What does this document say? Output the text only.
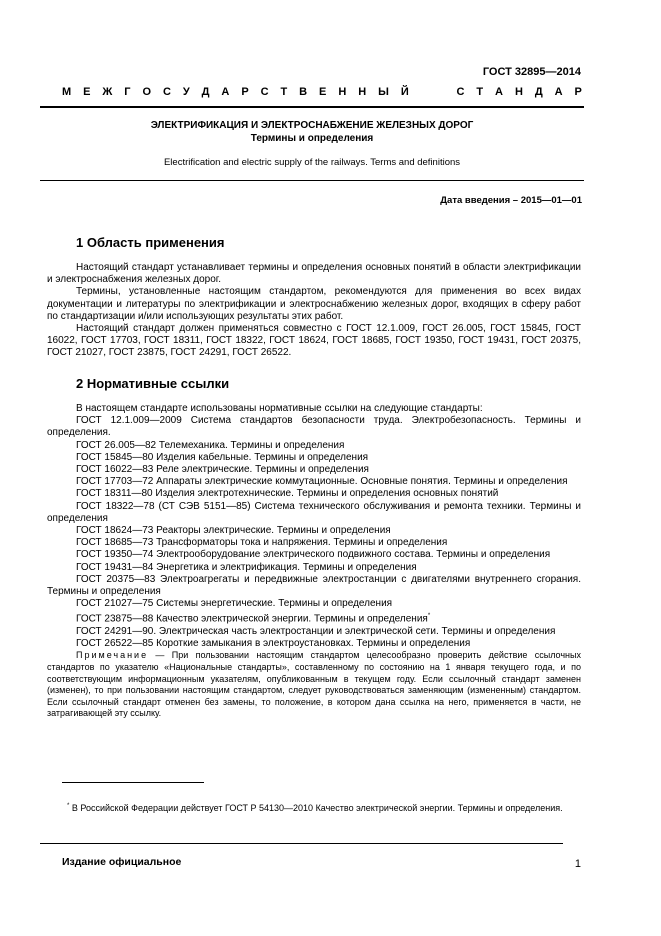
ГОСТ 32895—2014
М Е Ж Г О С У Д А Р С Т В Е Н Н Ы Й	С Т А Н Д А Р
ЭЛЕКТРИФИКАЦИЯ И ЭЛЕКТРОСНАБЖЕНИЕ ЖЕЛЕЗНЫХ ДОРОГ
Термины и определения
Electrification and electric supply of the railways. Terms and definitions
Дата введения – 2015—01—01
1 Область применения

Настоящий стандарт устанавливает термины и определения основных понятий в области электрификации и электроснабжения железных дорог.

Термины, установленные настоящим стандартом, рекомендуются для применения во всех видах документации и литературы по электрификации и электроснабжению железных дорог, входящих в сферу работ по стандартизации и/или использующих результаты этих работ.

Настоящий стандарт должен применяться совместно с ГОСТ 12.1.009, ГОСТ 26.005, ГОСТ 15845, ГОСТ 16022, ГОСТ 17703, ГОСТ 18311, ГОСТ 18322, ГОСТ 18624, ГОСТ 18685, ГОСТ 19350, ГОСТ 19431, ГОСТ 20375, ГОСТ 21027, ГОСТ 23875, ГОСТ 24291, ГОСТ 26522.

2 Нормативные ссылки

В настоящем стандарте использованы нормативные ссылки на следующие стандарты:

ГОСТ 12.1.009—2009 Система стандартов безопасности труда. Электробезопасность. Термины и определения.

ГОСТ 26.005—82 Телемеханика. Термины и определения

ГОСТ 15845—80 Изделия кабельные. Термины и определения

ГОСТ 16022—83 Реле электрические. Термины и определения

ГОСТ 17703—72 Аппараты электрические коммутационные. Основные понятия. Термины и определения

ГОСТ 18311—80 Изделия электротехнические. Термины и определения основных понятий

ГОСТ 18322—78 (СТ СЭВ 5151—85) Система технического обслуживания и ремонта техники. Термины и определения

ГОСТ 18624—73 Реакторы электрические. Термины и определения

ГОСТ 18685—73 Трансформаторы тока и напряжения. Термины и определения

ГОСТ 19350—74 Электрооборудование электрического подвижного состава. Термины и определения

ГОСТ 19431—84 Энергетика и электрификация. Термины и определения

ГОСТ 20375—83 Электроагрегаты и передвижные электростанции с двигателями внутреннего сгорания. Термины и определения

ГОСТ 21027—75 Системы энергетические. Термины и определения

ГОСТ 23875—88 Качество электрической энергии. Термины и определения*

ГОСТ 24291—90. Электрическая часть электростанции и электрической сети. Термины и определения

ГОСТ 26522—85 Короткие замыкания в электроустановках. Термины и определения

Примечание — При пользовании настоящим стандартом целесообразно проверить действие ссылочных стандартов по указателю «Национальные стандарты», составленному по состоянию на 1 января текущего года, и по соответствующим информационным указателям, опубликованным в текущем году. Если ссылочный стандарт заменен (изменен), то при пользовании настоящим стандартом, следует руководствоваться заменяющим (измененным) стандартом. Если ссылочный стандарт отменен без замены, то положение, в котором дана ссылка на него, применяется в части, не затрагивающей эту ссылку.

* В Российской Федерации действует ГОСТ Р 54130—2010 Качество электрической энергии. Термины и определения.
Издание официальное	1
